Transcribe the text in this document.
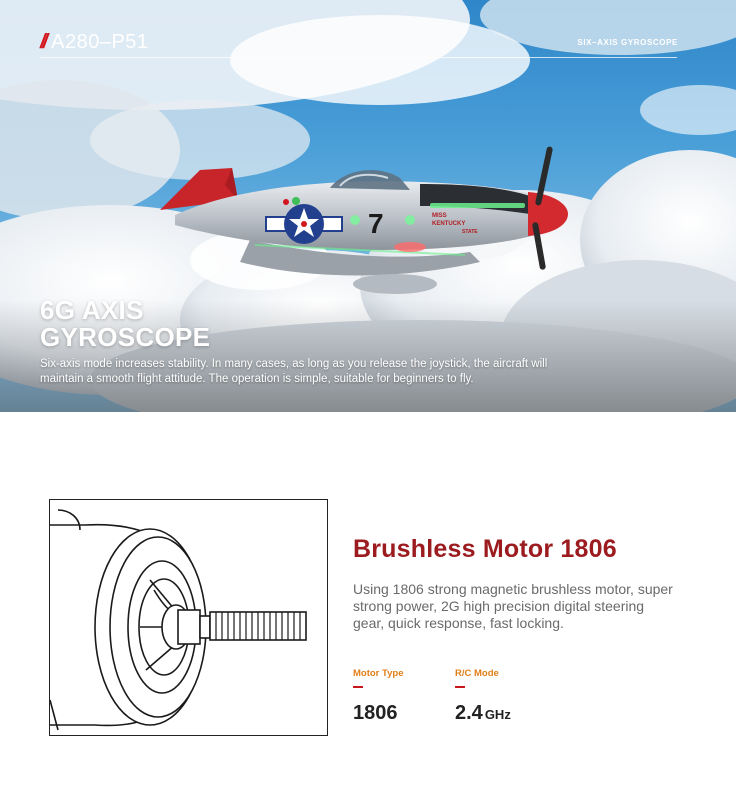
7	MISS
KENTUCKY
STATE
// A280–P51	SIX–AXIS GYROSCOPE
6G AXIS
GYROSCOPE
Six-axis mode increases stability. In many cases, as long as you release the joystick, the aircraft will maintain a smooth flight attitude. The operation is simple, suitable for beginners to fly.
Brushless Motor 1806
Using 1806 strong magnetic brushless motor, super strong power, 2G high precision digital steering gear, quick response, fast locking.
Motor Type
1806
R/C Mode
2.4 GHz
